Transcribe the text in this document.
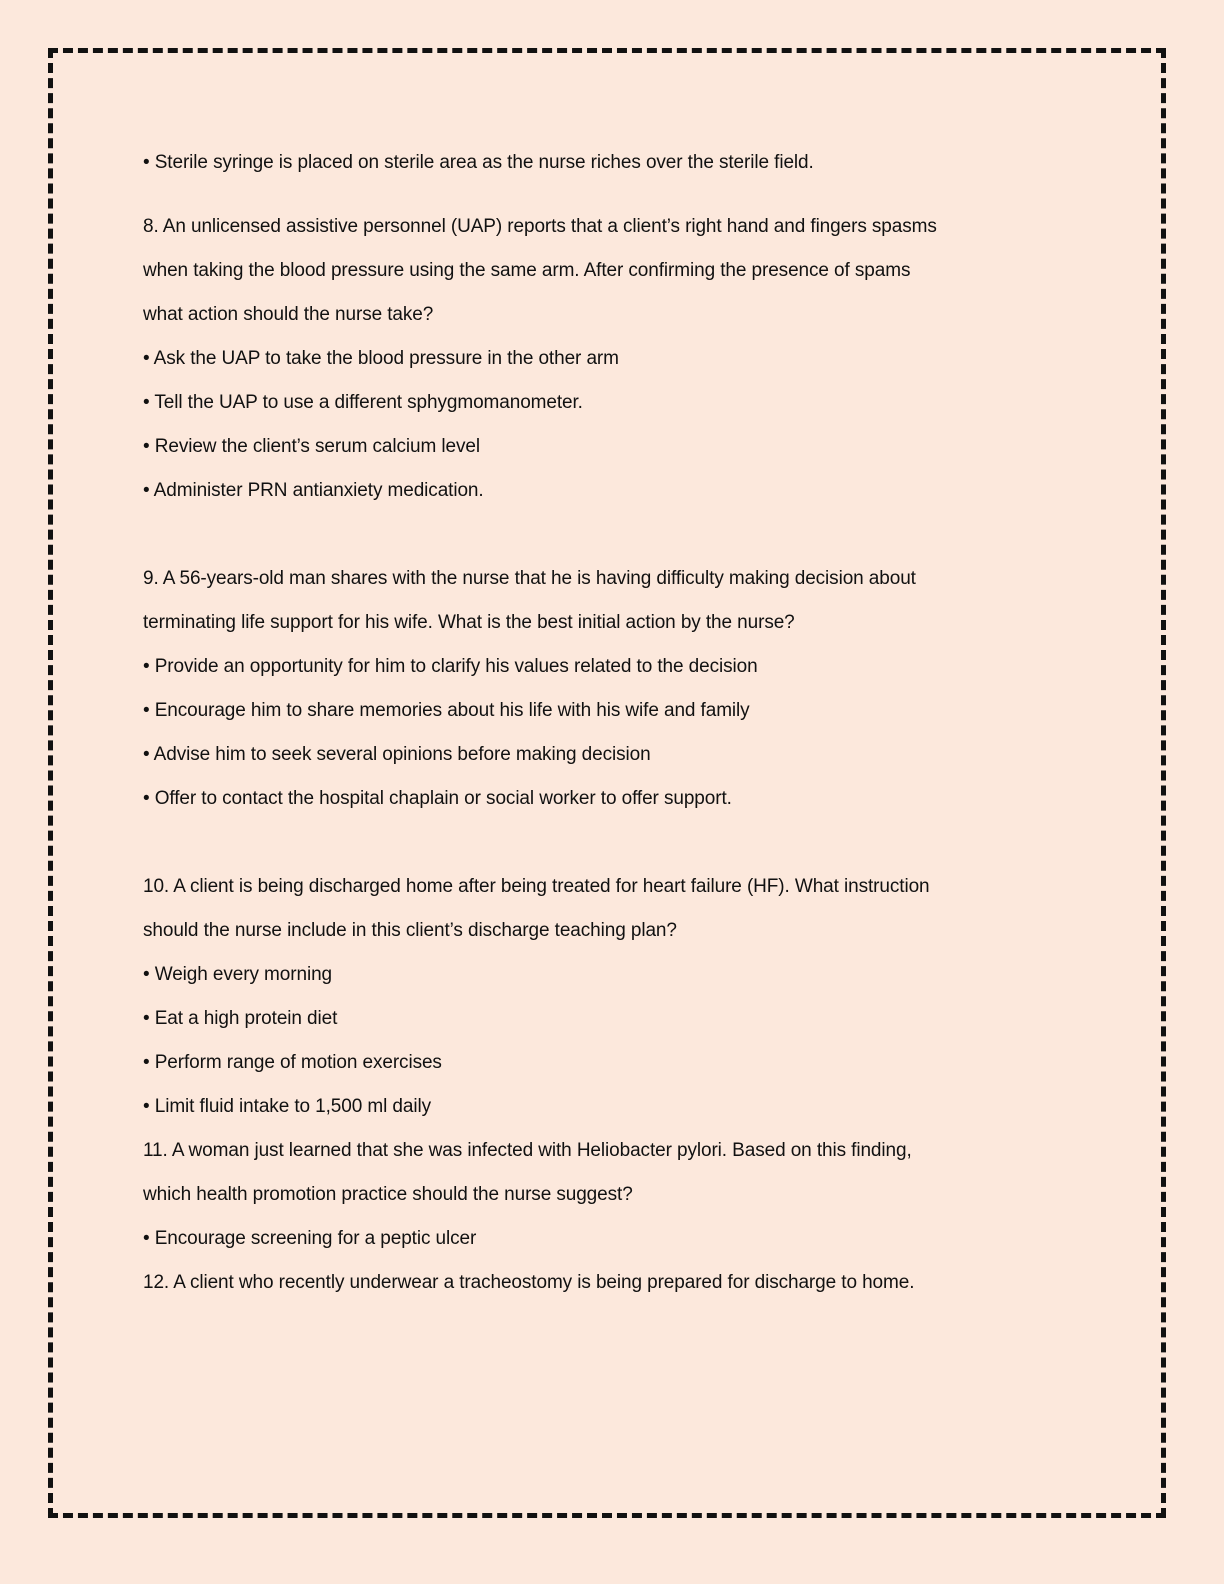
• Sterile syringe is placed on sterile area as the nurse riches over the sterile field.

8. An unlicensed assistive personnel (UAP) reports that a client’s right hand and fingers spasms

when taking the blood pressure using the same arm. After confirming the presence of spams

what action should the nurse take?

• Ask the UAP to take the blood pressure in the other arm

• Tell the UAP to use a different sphygmomanometer.

• Review the client’s serum calcium level

• Administer PRN antianxiety medication.

9. A 56-years-old man shares with the nurse that he is having difficulty making decision about

terminating life support for his wife. What is the best initial action by the nurse?

• Provide an opportunity for him to clarify his values related to the decision

• Encourage him to share memories about his life with his wife and family

• Advise him to seek several opinions before making decision

• Offer to contact the hospital chaplain or social worker to offer support.

10. A client is being discharged home after being treated for heart failure (HF). What instruction

should the nurse include in this client’s discharge teaching plan?

• Weigh every morning

• Eat a high protein diet

• Perform range of motion exercises

• Limit fluid intake to 1,500 ml daily

11. A woman just learned that she was infected with Heliobacter pylori. Based on this finding,

which health promotion practice should the nurse suggest?

• Encourage screening for a peptic ulcer

12. A client who recently underwear a tracheostomy is being prepared for discharge to home.
